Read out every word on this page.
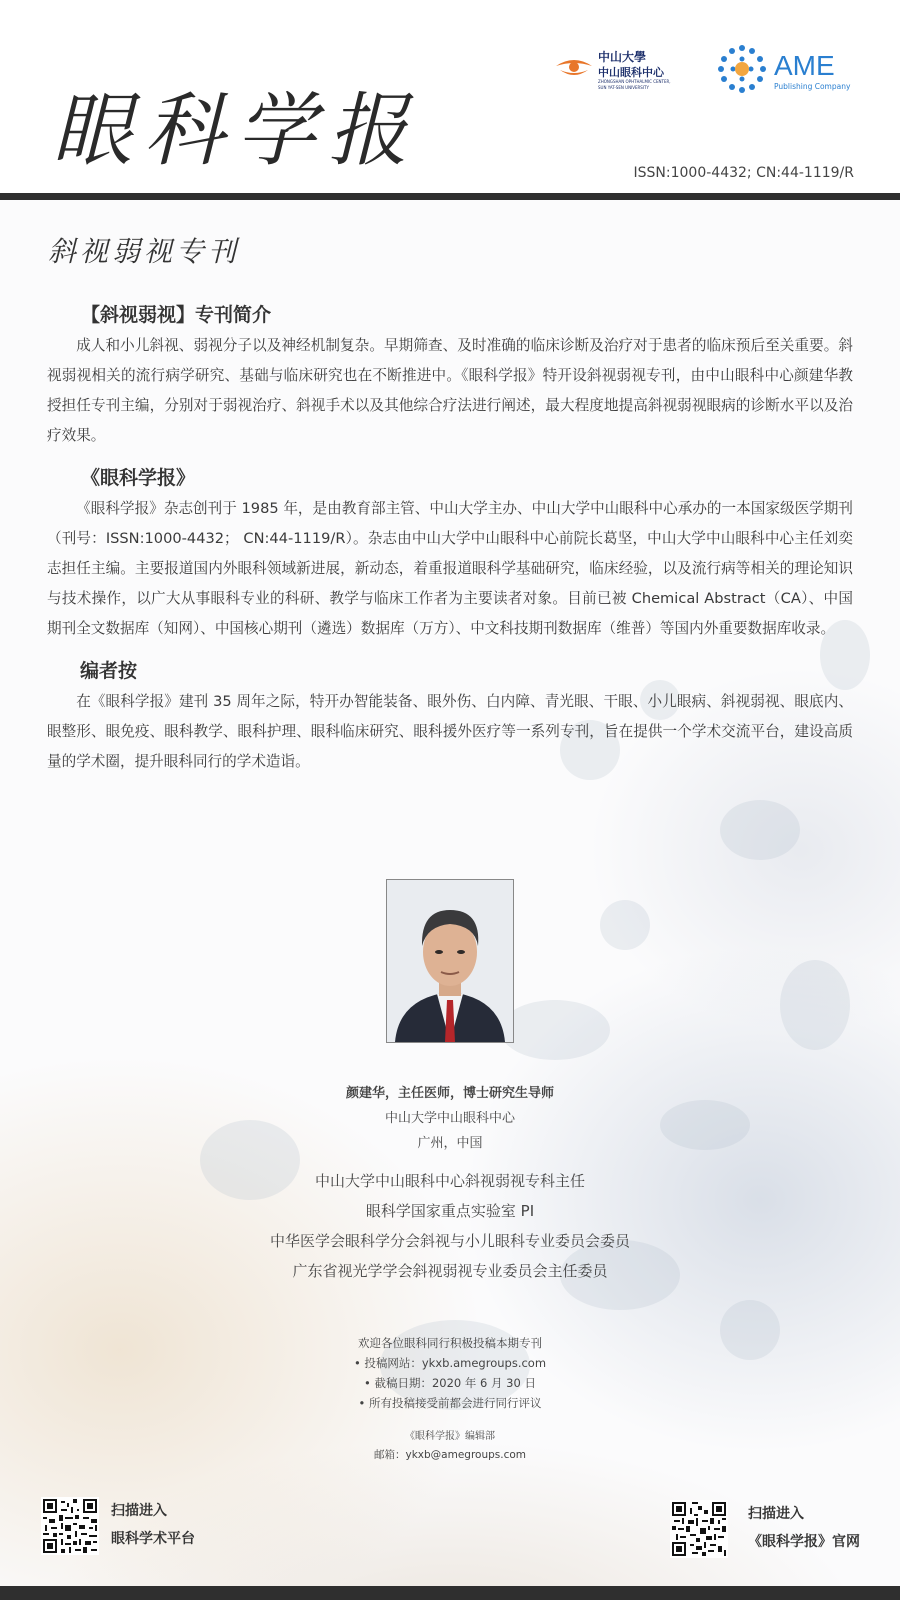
眼科学报
中山大學
中山眼科中心
ZHONGSHAN OPHTHALMIC CENTER,
SUN YAT-SEN UNIVERSITY
AME
Publishing Company
ISSN:1000-4432; CN:44-1119/R
斜视弱视专刊
【斜视弱视】专刊简介

成人和小儿斜视、弱视分子以及神经机制复杂。早期筛查、及时准确的临床诊断及治疗对于患者的临床预后至关重要。斜视弱视相关的流行病学研究、基础与临床研究也在不断推进中。《眼科学报》特开设斜视弱视专刊，由中山眼科中心颜建华教授担任专刊主编，分别对于弱视治疗、斜视手术以及其他综合疗法进行阐述，最大程度地提高斜视弱视眼病的诊断水平以及治疗效果。

《眼科学报》

《眼科学报》杂志创刊于 1985 年，是由教育部主管、中山大学主办、中山大学中山眼科中心承办的一本国家级医学期刊（刊号：ISSN:1000-4432； CN:44-1119/R）。杂志由中山大学中山眼科中心前院长葛坚，中山大学中山眼科中心主任刘奕志担任主编。主要报道国内外眼科领域新进展，新动态，着重报道眼科学基础研究，临床经验，以及流行病等相关的理论知识与技术操作，以广大从事眼科专业的科研、教学与临床工作者为主要读者对象。目前已被 Chemical Abstract（CA）、中国期刊全文数据库（知网）、中国核心期刊（遴选）数据库（万方）、中文科技期刊数据库（维普）等国内外重要数据库收录。

编者按

在《眼科学报》建刊 35 周年之际，特开办智能装备、眼外伤、白内障、青光眼、干眼、小儿眼病、斜视弱视、眼底内、眼整形、眼免疫、眼科教学、眼科护理、眼科临床研究、眼科援外医疗等一系列专刊，旨在提供一个学术交流平台，建设高质量的学术圈，提升眼科同行的学术造诣。

颜建华，主任医师，博士研究生导师
中山大学中山眼科中心
广州，中国
中山大学中山眼科中心斜视弱视专科主任
眼科学国家重点实验室 PI
中华医学会眼科学分会斜视与小儿眼科专业委员会委员
广东省视光学学会斜视弱视专业委员会主任委员
欢迎各位眼科同行积极投稿本期专刊
• 投稿网站：ykxb.amegroups.com
• 截稿日期：2020 年 6 月 30 日
• 所有投稿接受前都会进行同行评议
《眼科学报》编辑部
邮箱：ykxb@amegroups.com
扫描进入
眼科学术平台
扫描进入
《眼科学报》官网
